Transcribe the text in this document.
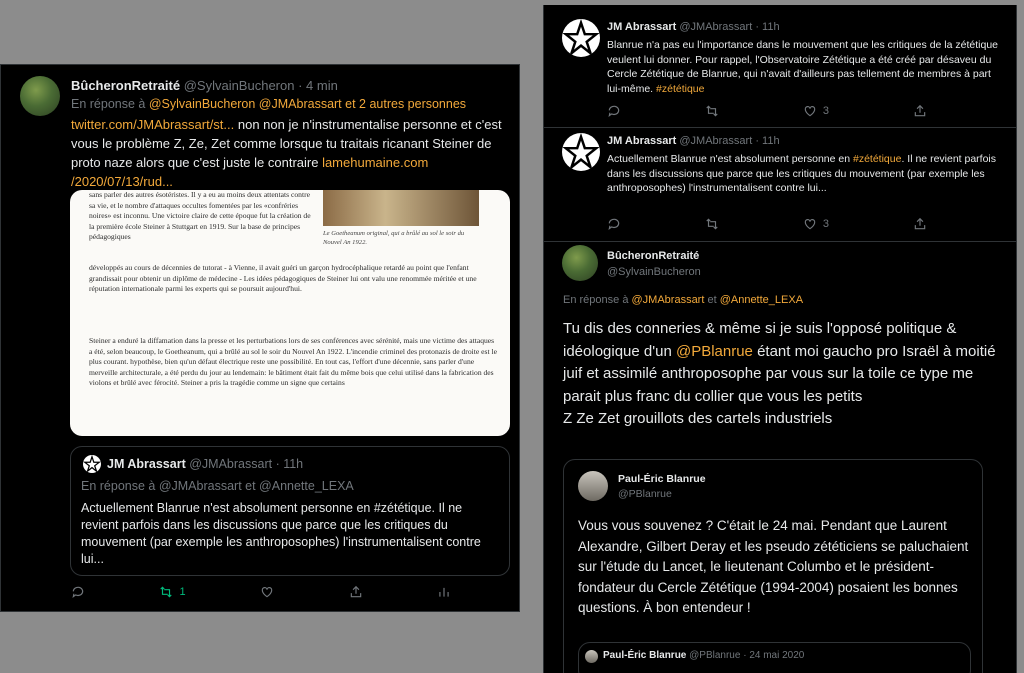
BûcheronRetraité @SylvainBucheron · 4 min
En réponse à @SylvainBucheron @JMAbrassart et 2 autres personnes
twitter.com/JMAbrassart/st... non non je n'instrumentalise personne et c'est vous le problème Z, Ze, Zet comme lorsque tu traitais ricanant Steiner de proto naze alors que c'est juste le contraire lamehumaine.com /2020/07/13/rud...

sans parler des autres ésotéristes. Il y a eu au moins deux attentats contre sa vie, et le nombre d'attaques occultes fomentées par les «confréries noires» est inconnu. Une victoire claire de cette époque fut la création de la première école Steiner à Stuttgart en 1919. Sur la base de principes pédagogiques	Le Goetheanum original, qui a brûlé au sol le soir du Nouvel An 1922.

développés au cours de décennies de tutorat - à Vienne, il avait guéri un garçon hydrocéphalique retardé au point que l'enfant grandissait pour obtenir un diplôme de médecine - Les idées pédagogiques de Steiner lui ont valu une renommée méritée et une réputation internationale parmi les experts qui se poursuit aujourd'hui.

Steiner a enduré la diffamation dans la presse et les perturbations lors de ses conférences avec sérénité, mais une victime des attaques a été, selon beaucoup, le Goetheanum, qui a brûlé au sol le soir du Nouvel An 1922. L'incendie criminel des protonazis de droite est le plus courant. hypothèse, bien qu'un défaut électrique reste une possibilité. En tout cas, l'effort d'une décennie, sans parler d'une merveille architecturale, a été perdu du jour au lendemain: le bâtiment était fait du même bois que celui utilisé dans la fabrication des violons et brûlé avec férocité. Steiner a pris la tragédie comme un signe que certains

JM Abrassart @JMAbrassart · 11h
En réponse à @JMAbrassart et @Annette_LEXA
Actuellement Blanrue n'est absolument personne en #zététique. Il ne revient parfois dans les discussions que parce que les critiques du mouvement (par exemple les anthroposophes) l'instrumentalisent contre lui...
1
JM Abrassart @JMAbrassart · 11h
Blanrue n'a pas eu l'importance dans le mouvement que les critiques de la zététique veulent lui donner. Pour rappel, l'Observatoire Zététique a été créé par désaveu du Cercle Zététique de Blanrue, qui n'avait d'ailleurs pas tellement de membres à part lui-même. #zététique
3
JM Abrassart @JMAbrassart · 11h
Actuellement Blanrue n'est absolument personne en #zététique. Il ne revient parfois dans les discussions que parce que les critiques du mouvement (par exemple les anthroposophes) l'instrumentalisent contre lui...
3
BûcheronRetraité
@SylvainBucheron
En réponse à @JMAbrassart et @Annette_LEXA
Tu dis des conneries & même si je suis l'opposé politique & idéologique d'un @PBlanrue étant moi gaucho pro Israël à moitié juif et assimilé anthroposophe par vous sur la toile ce type me parait plus franc du collier que vous les petits
Z Ze Zet grouillots des cartels industriels
Paul-Éric Blanrue
@PBlanrue
Vous vous souvenez ? C'était le 24 mai. Pendant que Laurent Alexandre, Gilbert Deray et les pseudo zététiciens se paluchaient sur l'étude du Lancet, le lieutenant Columbo et le président-fondateur du Cercle Zététique (1994-2004) posaient les bonnes questions. À bon entendeur !
Paul-Éric Blanrue @PBlanrue · 24 mai 2020
